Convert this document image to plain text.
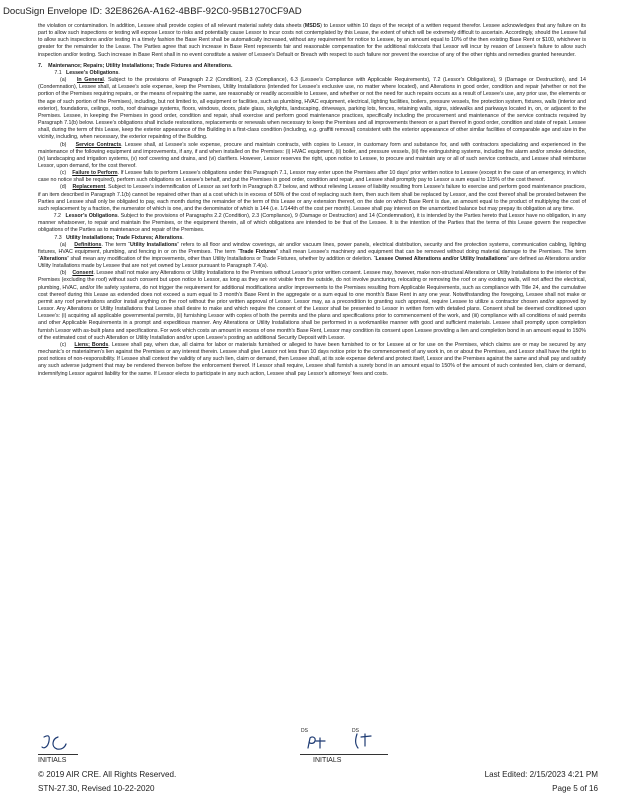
DocuSign Envelope ID: 32E8626A-A162-4BBF-92C0-95B1270CF9AD

the violation or contamination. In addition, Lessee shall provide copies of all relevant material safety data sheets (MSDS) to Lessor within 10 days of the receipt of a written request therefor. Lessee acknowledges that any failure on its part to allow such inspections or testing will expose Lessor to risks and potentially cause Lessor to incur costs not contemplated by this Lease, the extent of which will be extremely difficult to ascertain. Accordingly, should the Lessee fail to allow such inspections and/or testing in a timely fashion the Base Rent shall be automatically increased, without any requirement for notice to Lessee, by an amount equal to 10% of the then existing Base Rent or $100, whichever is greater for the remainder to the Lease. The Parties agree that such increase in Base Rent represents fair and reasonable compensation for the additional risk/costs that Lessor will incur by reason of Lessee’s failure to allow such inspection and/or testing. Such increase in Base Rent shall in no event constitute a waiver of Lessee’s Default or Breach with respect to such failure nor prevent the exercise of any of the other rights and remedies granted hereunder.

7.    Maintenance; Repairs; Utility Installations; Trade Fixtures and Alterations.

7.1   Lessee’s Obligations.

(a)    In General. Subject to the provisions of Paragraph 2.2 (Condition), 2.3 (Compliance), 6.3 (Lessee’s Compliance with Applicable Requirements), 7.2 (Lessor’s Obligations), 9 (Damage or Destruction), and 14 (Condemnation), Lessee shall, at Lessee’s sole expense, keep the Premises, Utility Installations (intended for Lessee’s exclusive use, no matter where located), and Alterations in good order, condition and repair (whether or not the portion of the Premises requiring repairs, or the means of repairing the same, are reasonably or readily accessible to Lessee, and whether or not the need for such repairs occurs as a result of Lessee’s use, any prior use, the elements or the age of such portion of the Premises), including, but not limited to, all equipment or facilities, such as plumbing, HVAC equipment, electrical, lighting facilities, boilers, pressure vessels, fire protection system, fixtures, walls (interior and exterior), foundations, ceilings, roofs, roof drainage systems, floors, windows, doors, plate glass, skylights, landscaping, driveways, parking lots, fences, retaining walls, signs, sidewalks and parkways located in, on, or adjacent to the Premises. Lessee, in keeping the Premises in good order, condition and repair, shall exercise and perform good maintenance practices, specifically including the procurement and maintenance of the service contracts required by Paragraph 7.1(b) below. Lessee’s obligations shall include restorations, replacements or renewals when necessary to keep the Premises and all improvements thereon or a part thereof in good order, condition and state of repair. Lessee shall, during the term of this Lease, keep the exterior appearance of the Building in a first-class condition (including, e.g. graffiti removal) consistent with the exterior appearance of other similar facilities of comparable age and size in the vicinity, including, when necessary, the exterior repainting of the Building.

(b)    Service Contracts. Lessee shall, at Lessee’s sole expense, procure and maintain contracts, with copies to Lessor, in customary form and substance for, and with contractors specializing and experienced in the maintenance of the following equipment and improvements, if any, if and when installed on the Premises: (i) HVAC equipment, (ii) boiler, and pressure vessels, (iii) fire extinguishing systems, including fire alarm and/or smoke detection, (iv) landscaping and irrigation systems, (v) roof covering and drains, and (vi) clarifiers. However, Lessor reserves the right, upon notice to Lessee, to procure and maintain any or all of such service contracts, and Lessee shall reimburse Lessor, upon demand, for the cost thereof.

(c)    Failure to Perform. If Lessee fails to perform Lessee’s obligations under this Paragraph 7.1, Lessor may enter upon the Premises after 10 days’ prior written notice to Lessee (except in the case of an emergency, in which case no notice shall be required), perform such obligations on Lessee’s behalf, and put the Premises in good order, condition and repair, and Lessee shall promptly pay to Lessor a sum equal to 115% of the cost thereof.

(d)    Replacement. Subject to Lessee’s indemnification of Lessor as set forth in Paragraph 8.7 below, and without relieving Lessee of liability resulting from Lessee’s failure to exercise and perform good maintenance practices, if an item described in Paragraph 7.1(b) cannot be repaired other than at a cost which is in excess of 50% of the cost of replacing such item, then such item shall be replaced by Lessor, and the cost thereof shall be prorated between the Parties and Lessee shall only be obligated to pay, each month during the remainder of the term of this Lease or any extension thereof, on the date on which Base Rent is due, an amount equal to the product of multiplying the cost of such replacement by a fraction, the numerator of which is one, and the denominator of which is 144 (i.e. 1/144th of the cost per month). Lessee shall pay interest on the unamortized balance but may prepay its obligation at any time.

7.2   Lessor’s Obligations. Subject to the provisions of Paragraphs 2.2 (Condition), 2.3 (Compliance), 9 (Damage or Destruction) and 14 (Condemnation), it is intended by the Parties hereto that Lessor have no obligation, in any manner whatsoever, to repair and maintain the Premises, or the equipment therein, all of which obligations are intended to be that of the Lessee. It is the intention of the Parties that the terms of this Lease govern the respective obligations of the Parties as to maintenance and repair of the Premises.

7.3   Utility Installations; Trade Fixtures; Alterations.

(a)    Definitions. The term “Utility Installations” refers to all floor and window coverings, air and/or vacuum lines, power panels, electrical distribution, security and fire protection systems, communication cabling, lighting fixtures, HVAC equipment, plumbing, and fencing in or on the Premises. The term “Trade Fixtures” shall mean Lessee’s machinery and equipment that can be removed without doing material damage to the Premises. The term “Alterations” shall mean any modification of the improvements, other than Utility Installations or Trade Fixtures, whether by addition or deletion. “Lessee Owned Alterations and/or Utility Installations” are defined as Alterations and/or Utility Installations made by Lessee that are not yet owned by Lessor pursuant to Paragraph 7.4(a).

(b)    Consent. Lessee shall not make any Alterations or Utility Installations to the Premises without Lessor’s prior written consent. Lessee may, however, make non-structural Alterations or Utility Installations to the interior of the Premises (excluding the roof) without such consent but upon notice to Lessor, as long as they are not visible from the outside, do not involve puncturing, relocating or removing the roof or any existing walls, will not affect the electrical, plumbing, HVAC, and/or life safety systems, do not trigger the requirement for additional modifications and/or improvements to the Premises resulting from Applicable Requirements, such as compliance with Title 24, and the cumulative cost thereof during this Lease as extended does not exceed a sum equal to 3 month’s Base Rent in the aggregate or a sum equal to one month’s Base Rent in any one year. Notwithstanding the foregoing, Lessee shall not make or permit any roof penetrations and/or install anything on the roof without the prior written approval of Lessor. Lessor may, as a precondition to granting such approval, require Lessee to utilize a contractor chosen and/or approved by Lessor. Any Alterations or Utility Installations that Lessee shall desire to make and which require the consent of the Lessor shall be presented to Lessor in written form with detailed plans. Consent shall be deemed conditioned upon Lessee’s: (i) acquiring all applicable governmental permits, (ii) furnishing Lessor with copies of both the permits and the plans and specifications prior to commencement of the work, and (iii) compliance with all conditions of said permits and other Applicable Requirements in a prompt and expeditious manner. Any Alterations or Utility Installations shall be performed in a workmanlike manner with good and sufficient materials. Lessee shall promptly upon completion furnish Lessor with as-built plans and specifications. For work which costs an amount in excess of one month’s Base Rent, Lessor may condition its consent upon Lessee providing a lien and completion bond in an amount equal to 150% of the estimated cost of such Alteration or Utility Installation and/or upon Lessee’s posting an additional Security Deposit with Lessor.

(c)    Liens; Bonds. Lessee shall pay, when due, all claims for labor or materials furnished or alleged to have been furnished to or for Lessee at or for use on the Premises, which claims are or may be secured by any mechanic’s or materialmen’s lien against the Premises or any interest therein. Lessee shall give Lessor not less than 10 days notice prior to the commencement of any work in, on or about the Premises, and Lessor shall have the right to post notices of non-responsibility. If Lessee shall contest the validity of any such lien, claim or demand, then Lessee shall, at its sole expense defend and protect itself, Lessor and the Premises against the same and shall pay and satisfy any such adverse judgment that may be rendered thereon before the enforcement thereof. If Lessor shall require, Lessee shall furnish a surety bond in an amount equal to 150% of the amount of such contested lien, claim or demand, indemnifying Lessor against liability for the same. If Lessor elects to participate in any such action, Lessee shall pay Lessor’s attorneys’ fees and costs.

INITIALS
DS	DS
INITIALS
© 2019 AIR CRE. All Rights Reserved.	Last Edited: 2/15/2023 4:21 PM
STN-27.30, Revised 10-22-2020	Page 5 of 16
